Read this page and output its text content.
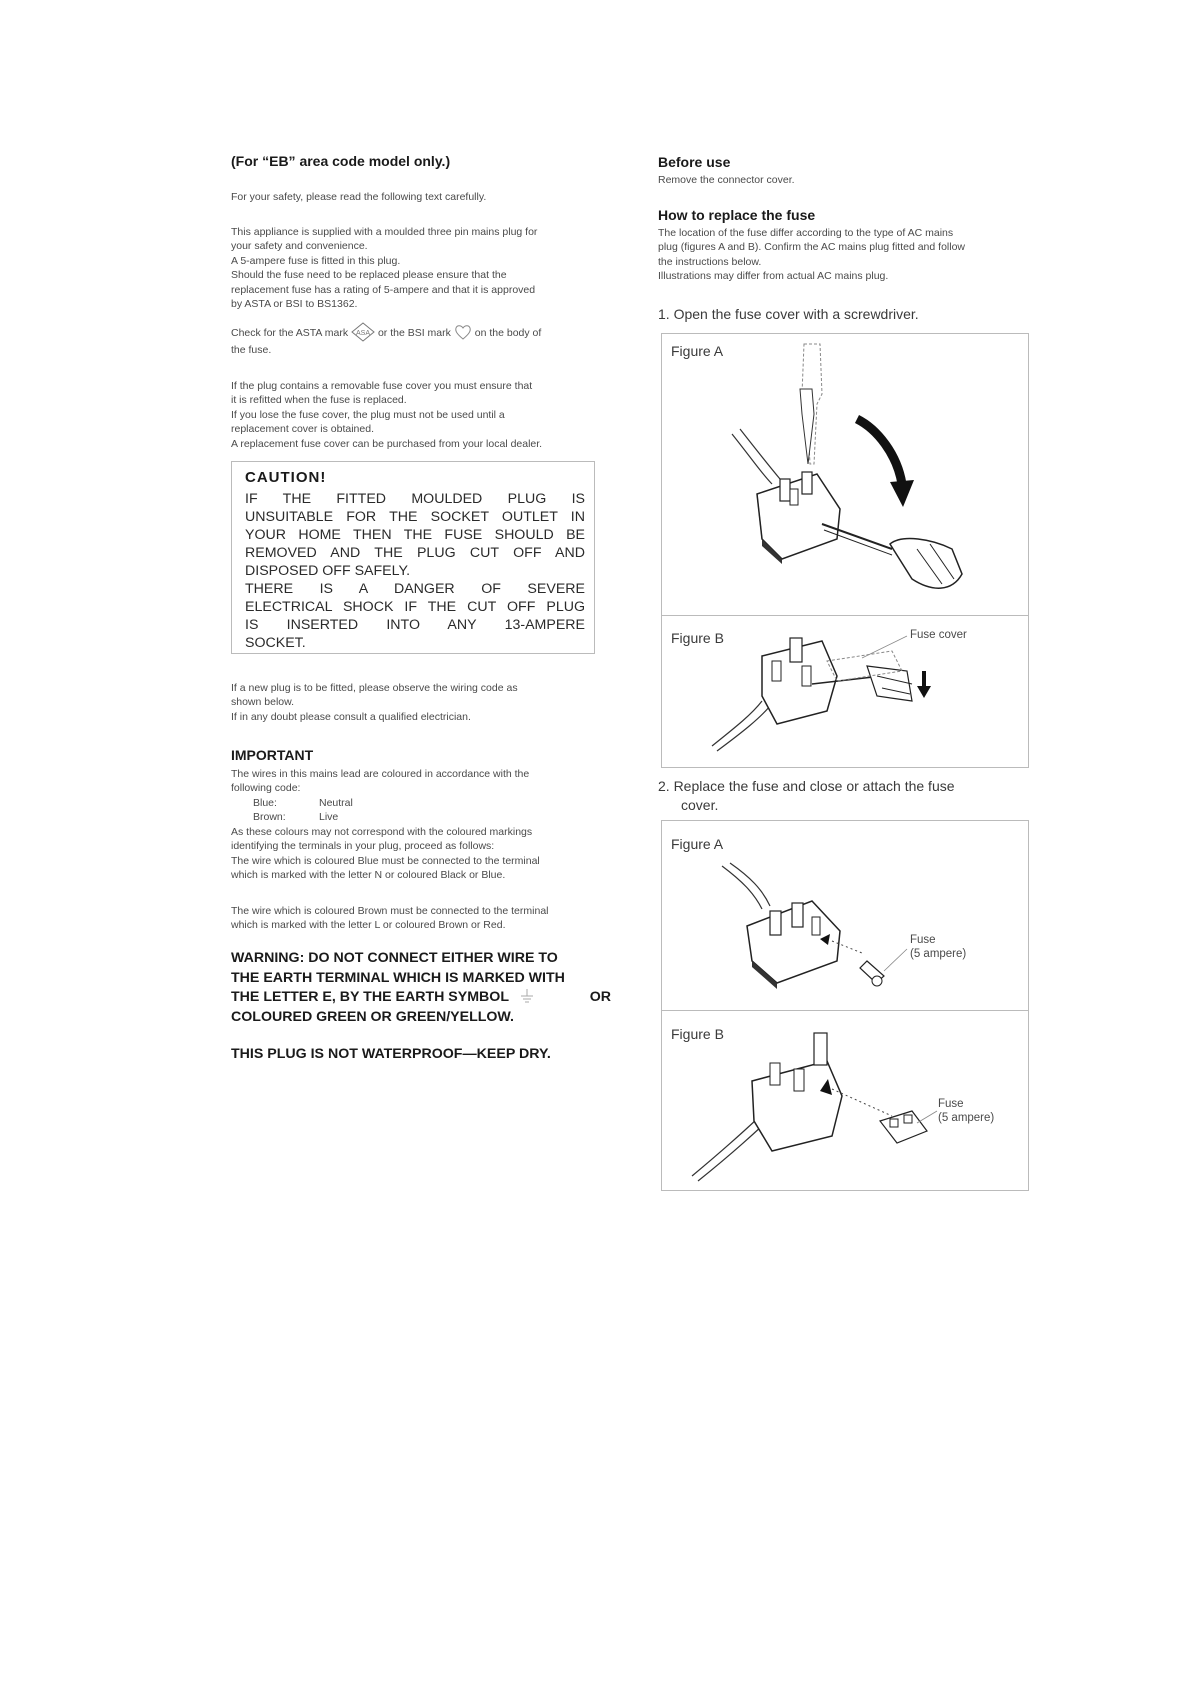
(For “EB” area code model only.)
For your safety, please read the following text carefully.
This appliance is supplied with a moulded three pin mains plug for
your safety and convenience.
A 5-ampere fuse is fitted in this plug.
Should the fuse need to be replaced please ensure that the
replacement fuse has a rating of 5-ampere and that it is approved
by ASTA or BSI to BS1362.
Check for the ASTA mark ASA or the BSI mark on the body of
the fuse.
If the plug contains a removable fuse cover you must ensure that
it is refitted when the fuse is replaced.
If you lose the fuse cover, the plug must not be used until a
replacement cover is obtained.
A replacement fuse cover can be purchased from your local dealer.
CAUTION!
IF THE FITTED MOULDED PLUG IS
UNSUITABLE FOR THE SOCKET OUTLET IN
YOUR HOME THEN THE FUSE SHOULD BE
REMOVED AND THE PLUG CUT OFF AND
DISPOSED OFF SAFELY.
THERE IS A DANGER OF SEVERE
ELECTRICAL SHOCK IF THE CUT OFF PLUG
IS INSERTED INTO ANY 13-AMPERE
SOCKET.
If a new plug is to be fitted, please observe the wiring code as
shown below.
If in any doubt please consult a qualified electrician.
IMPORTANT
The wires in this mains lead are coloured in accordance with the
following code:
Blue:	Neutral
Brown:	Live
As these colours may not correspond with the coloured markings
identifying the terminals in your plug, proceed as follows:
The wire which is coloured Blue must be connected to the terminal
which is marked with the letter N or coloured Black or Blue.
The wire which is coloured Brown must be connected to the terminal
which is marked with the letter L or coloured Brown or Red.
WARNING: DO NOT CONNECT EITHER WIRE TO
THE EARTH TERMINAL WHICH IS MARKED WITH
THE LETTER E, BY THE EARTH SYMBOL	OR
COLOURED GREEN OR GREEN/YELLOW.
THIS PLUG IS NOT WATERPROOF—KEEP DRY.
Before use
Remove the connector cover.
How to replace the fuse
The location of the fuse differ according to the type of AC mains
plug (figures A and B). Confirm the AC mains plug fitted and follow
the instructions below.
Illustrations may differ from actual AC mains plug.
1. Open the fuse cover with a screwdriver.
2. Replace the fuse and close or attach the fuse
cover.
Figure A
Figure B	Fuse cover
Figure A
Fuse
(5 ampere)
Figure B
Fuse
(5 ampere)
